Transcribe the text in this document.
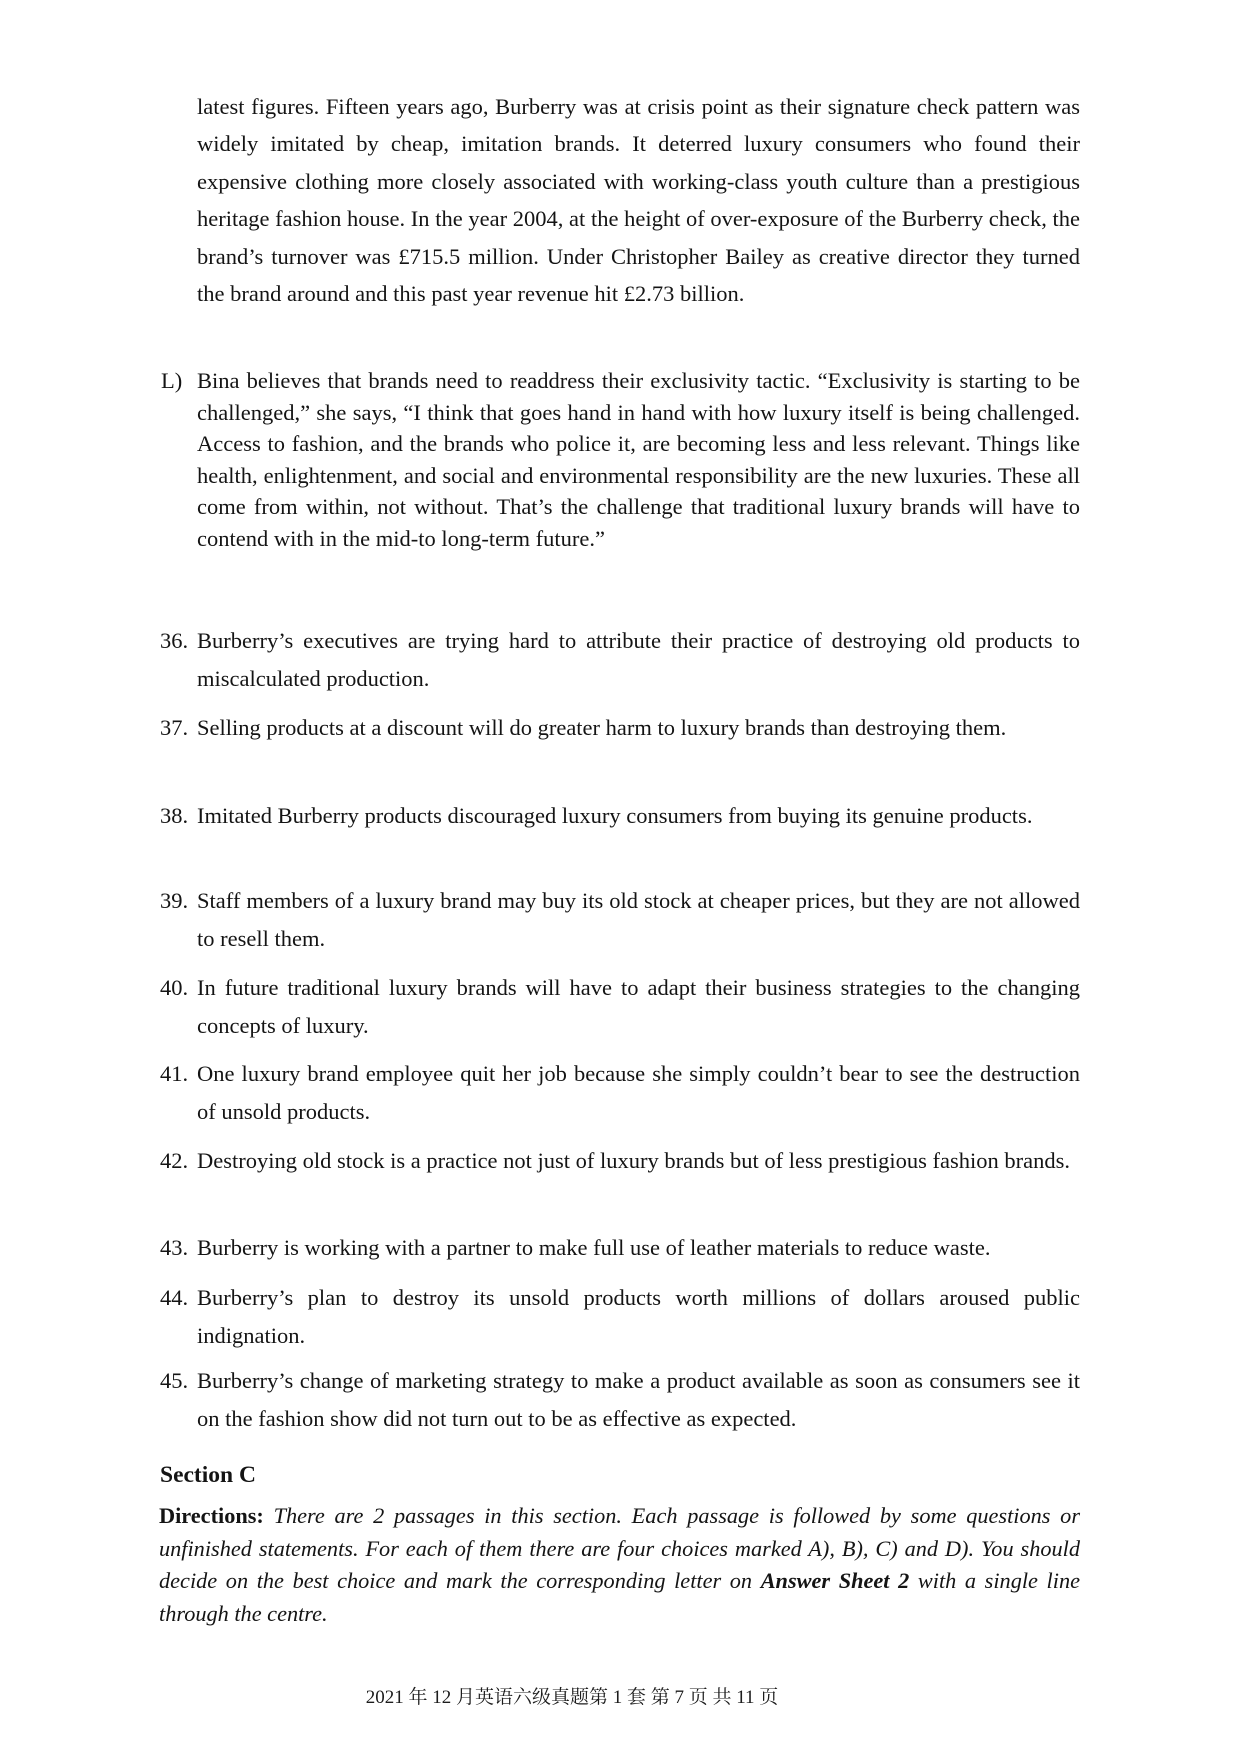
latest figures. Fifteen years ago, Burberry was at crisis point as their signature check pattern was widely imitated by cheap, imitation brands. It deterred luxury consumers who found their expensive clothing more closely associated with working-class youth culture than a prestigious heritage fashion house. In the year 2004, at the height of over-exposure of the Burberry check, the brand’s turnover was £715.5 million. Under Christopher Bailey as creative director they turned the brand around and this past year revenue hit £2.73 billion.
L) Bina believes that brands need to readdress their exclusivity tactic. “Exclusivity is starting to be challenged,” she says, “I think that goes hand in hand with how luxury itself is being challenged. Access to fashion, and the brands who police it, are becoming less and less relevant. Things like health, enlightenment, and social and environmental responsibility are the new luxuries. These all come from within, not without. That’s the challenge that traditional luxury brands will have to contend with in the mid-to long-term future.”
36. Burberry’s executives are trying hard to attribute their practice of destroying old products to miscalculated production.
37. Selling products at a discount will do greater harm to luxury brands than destroying them.
38. Imitated Burberry products discouraged luxury consumers from buying its genuine products.
39. Staff members of a luxury brand may buy its old stock at cheaper prices, but they are not allowed to resell them.
40. In future traditional luxury brands will have to adapt their business strategies to the changing concepts of luxury.
41. One luxury brand employee quit her job because she simply couldn’t bear to see the destruction of unsold products.
42. Destroying old stock is a practice not just of luxury brands but of less prestigious fashion brands.
43. Burberry is working with a partner to make full use of leather materials to reduce waste.
44. Burberry’s plan to destroy its unsold products worth millions of dollars aroused public indignation.
45. Burberry’s change of marketing strategy to make a product available as soon as consumers see it on the fashion show did not turn out to be as effective as expected.
Section C
Directions: There are 2 passages in this section. Each passage is followed by some questions or unfinished statements. For each of them there are four choices marked A), B), C) and D). You should decide on the best choice and mark the corresponding letter on Answer Sheet 2 with a single line through the centre.
2021 年 12 月英语六级真题第 1 套 第 7 页 共 11 页
